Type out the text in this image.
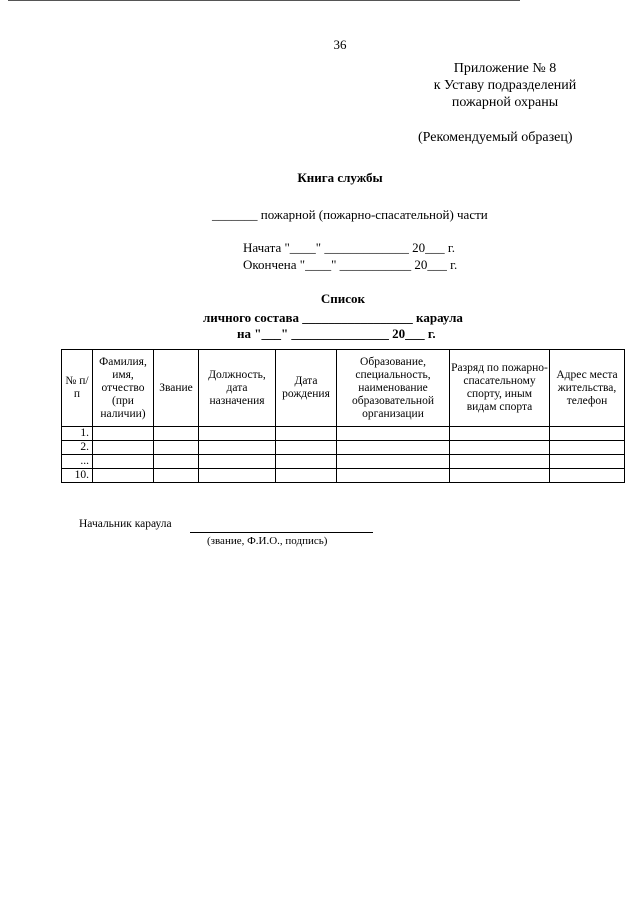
36
Приложение № 8
к Уставу подразделений
пожарной охраны
(Рекомендуемый образец)
Книга службы
_______ пожарной (пожарно-спасательной) части
Начата "____" _____________ 20___ г.
Окончена "____" ___________ 20___ г.
Список
личного состава _________________ караула
на "___" _______________ 20___ г.
№ п/п	Фамилия, имя, отчество (при наличии)	Звание	Должность, дата назначения	Дата рождения	Образование, специальность, наименование образовательной организации	Разряд по пожарно-спасательному спорту, иным видам спорта	Адрес места жительства, телефон
1.							
2.							
...							
10.							
Начальник караула
(звание, Ф.И.О., подпись)
